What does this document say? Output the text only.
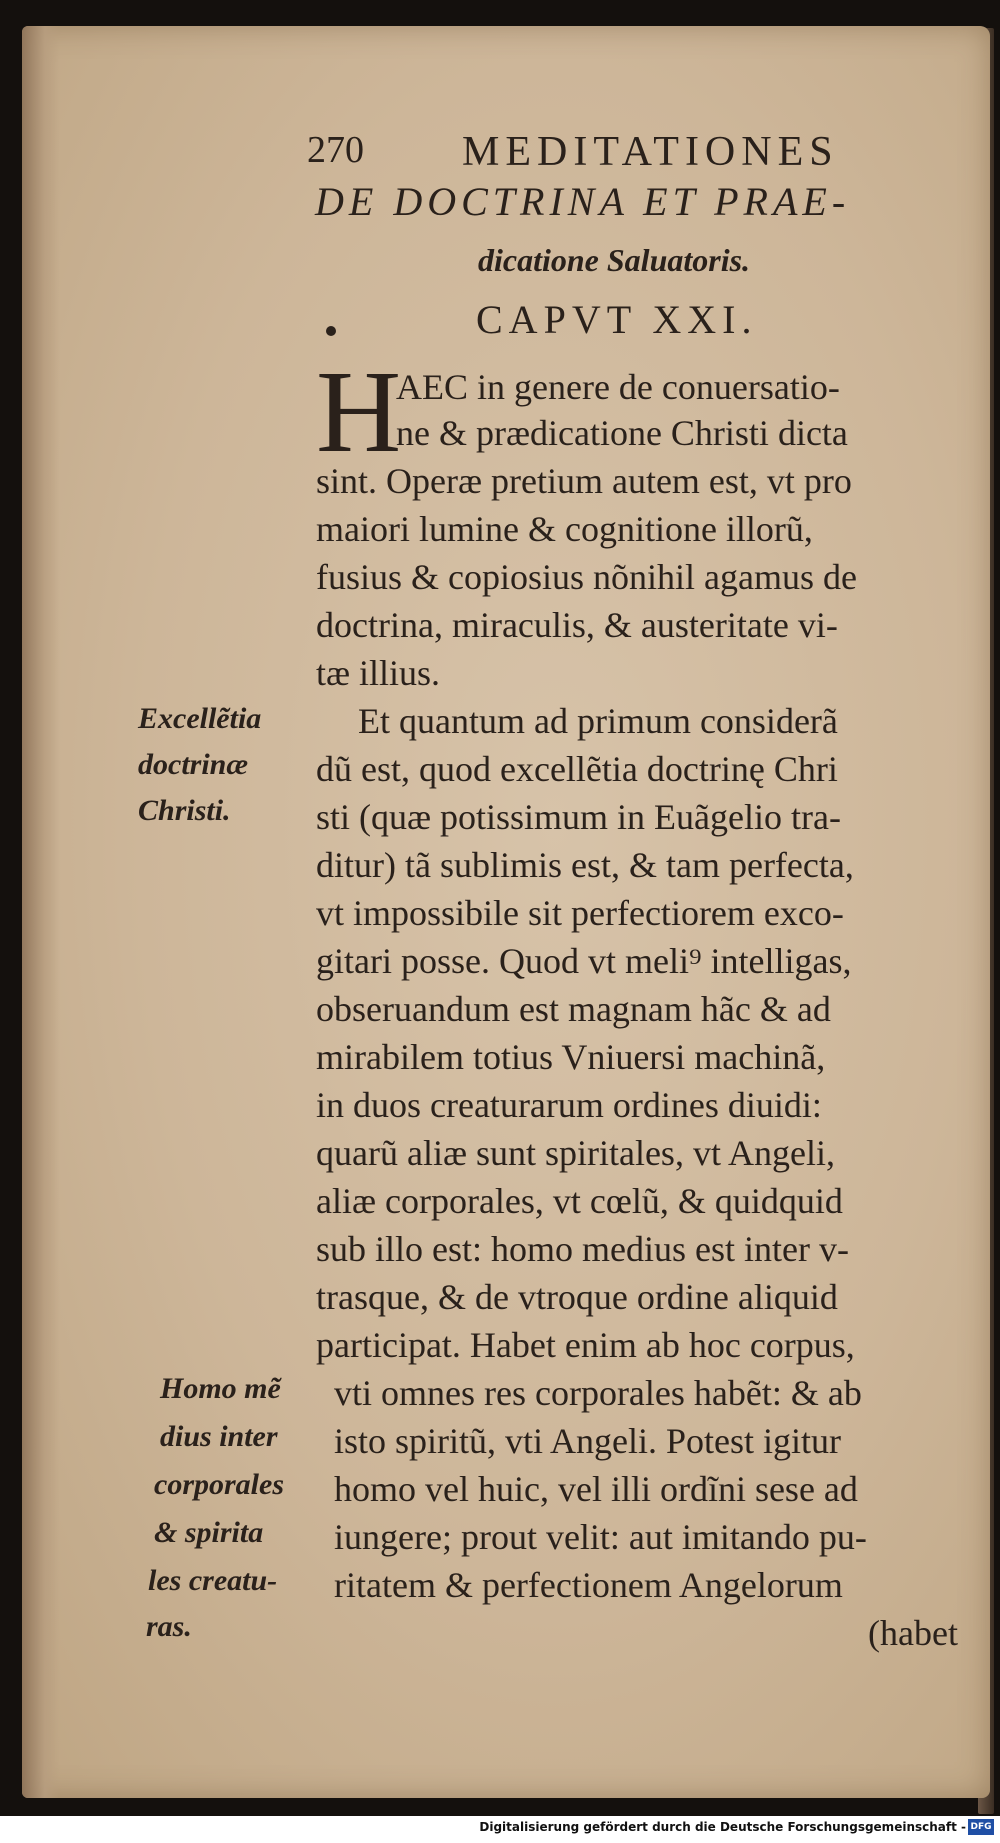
270 MEDITATIONES
DE DOCTRINA ET PRAE-
dicatione Saluatoris.
CAPVT XXI.
H
AEC in genere de conuersatio-
ne & prædicatione Christi dicta
sint. Operæ pretium autem est, vt pro
maiori lumine & cognitione illorũ,
fusius & copiosius nõnihil agamus de
doctrina, miraculis, & austeritate vi-
tæ illius.
Et quantum ad primum considerã
dũ est, quod excellẽtia doctrinę Chri
sti (quæ potissimum in Euãgelio tra-
ditur) tã sublimis est, & tam perfecta,
vt impossibile sit perfectiorem exco-
gitari posse. Quod vt meli⁹ intelligas,
obseruandum est magnam hãc & ad
mirabilem totius Vniuersi machinã,
in duos creaturarum ordines diuidi:
quarũ aliæ sunt spiritales, vt Angeli,
aliæ corporales, vt cœlũ, & quidquid
sub illo est: homo medius est inter v-
trasque, & de vtroque ordine aliquid
participat. Habet enim ab hoc corpus,
vti omnes res corporales habẽt: & ab
isto spiritũ, vti Angeli. Potest igitur
homo vel huic, vel illi ordĩni sese ad
iungere; prout velit: aut imitando pu-
ritatem & perfectionem Angelorum
(habet
Excellẽtia
doctrinæ
Christi.
Homo mẽ
dius inter
corporales
& spirita
les creatu-
ras.
Digitalisierung gefördert durch die Deutsche Forschungsgemeinschaft - DFG
